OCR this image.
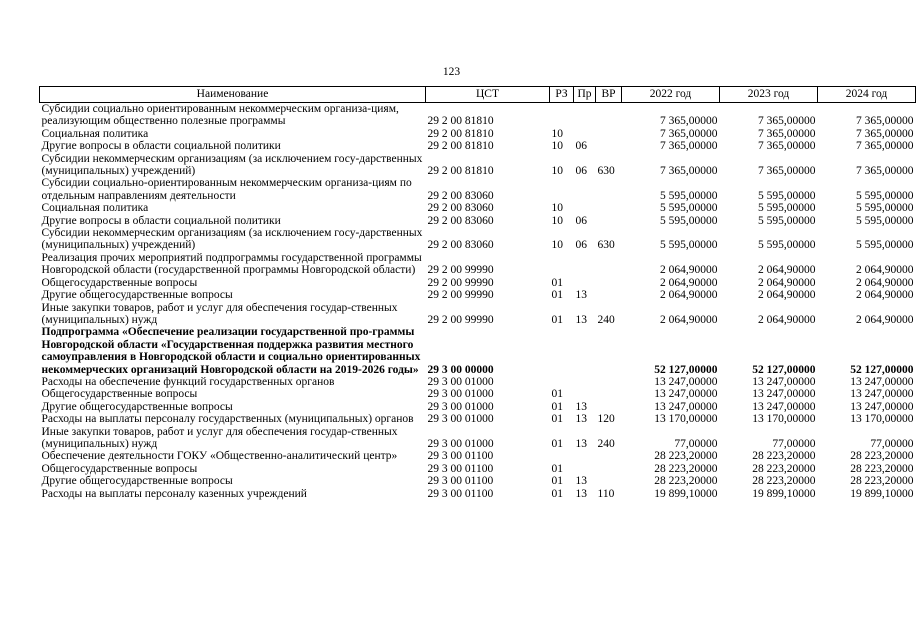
123
Наименование	ЦСТ	РЗ	Пр	ВР	2022 год	2023 год	2024 год
Субсидии социально ориентированным некоммерческим организа-циям, реализующим общественно полезные программы	29 2 00 81810				7 365,00000	7 365,00000	7 365,00000
Социальная политика	29 2 00 81810	10			7 365,00000	7 365,00000	7 365,00000
Другие вопросы в области социальной политики	29 2 00 81810	10	06		7 365,00000	7 365,00000	7 365,00000
Субсидии некоммерческим организациям (за исключением госу-дарственных (муниципальных) учреждений)	29 2 00 81810	10	06	630	7 365,00000	7 365,00000	7 365,00000
Субсидии социально-ориентированным некоммерческим организа-циям по отдельным направлениям деятельности	29 2 00 83060				5 595,00000	5 595,00000	5 595,00000
Социальная политика	29 2 00 83060	10			5 595,00000	5 595,00000	5 595,00000
Другие вопросы в области социальной политики	29 2 00 83060	10	06		5 595,00000	5 595,00000	5 595,00000
Субсидии некоммерческим организациям (за исключением госу-дарственных (муниципальных) учреждений)	29 2 00 83060	10	06	630	5 595,00000	5 595,00000	5 595,00000
Реализация прочих мероприятий подпрограммы государственной программы Новгородской области (государственной программы Новгородской области)	29 2 00 99990				2 064,90000	2 064,90000	2 064,90000
Общегосударственные вопросы	29 2 00 99990	01			2 064,90000	2 064,90000	2 064,90000
Другие общегосударственные вопросы	29 2 00 99990	01	13		2 064,90000	2 064,90000	2 064,90000
Иные закупки товаров, работ и услуг для обеспечения государ-ственных (муниципальных) нужд	29 2 00 99990	01	13	240	2 064,90000	2 064,90000	2 064,90000
Подпрограмма «Обеспечение реализации государственной про-граммы Новгородской области «Государственная поддержка развития местного самоуправления в Новгородской области и социально ориентированных некоммерческих организаций Новгородской области на 2019-2026 годы»	29 3 00 00000				52 127,00000	52 127,00000	52 127,00000
Расходы на обеспечение функций государственных органов	29 3 00 01000				13 247,00000	13 247,00000	13 247,00000
Общегосударственные вопросы	29 3 00 01000	01			13 247,00000	13 247,00000	13 247,00000
Другие общегосударственные вопросы	29 3 00 01000	01	13		13 247,00000	13 247,00000	13 247,00000
Расходы на выплаты персоналу государственных (муниципальных) органов	29 3 00 01000	01	13	120	13 170,00000	13 170,00000	13 170,00000
Иные закупки товаров, работ и услуг для обеспечения государ-ственных (муниципальных) нужд	29 3 00 01000	01	13	240	77,00000	77,00000	77,00000
Обеспечение деятельности ГОКУ «Общественно-аналитический центр»	29 3 00 01100				28 223,20000	28 223,20000	28 223,20000
Общегосударственные вопросы	29 3 00 01100	01			28 223,20000	28 223,20000	28 223,20000
Другие общегосударственные вопросы	29 3 00 01100	01	13		28 223,20000	28 223,20000	28 223,20000
Расходы на выплаты персоналу казенных учреждений	29 3 00 01100	01	13	110	19 899,10000	19 899,10000	19 899,10000
